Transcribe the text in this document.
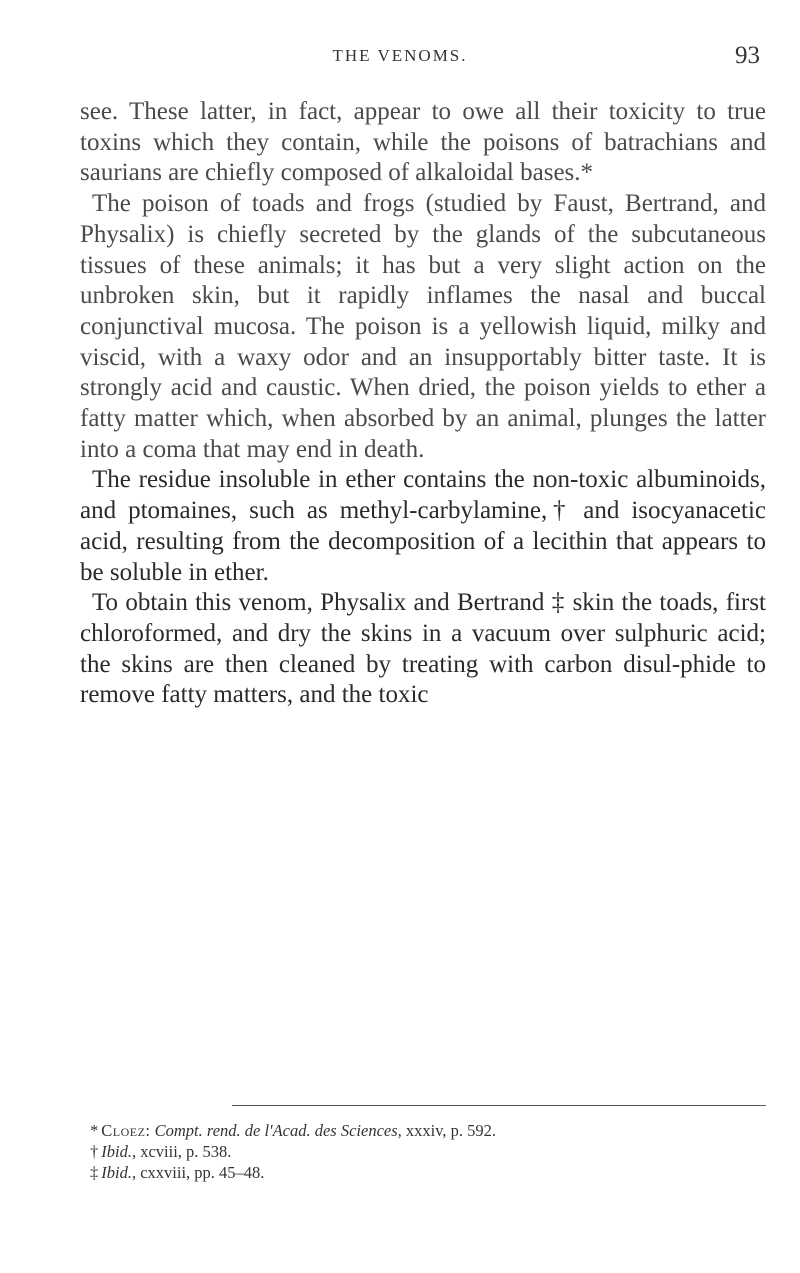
THE VENOMS.	93

see. These latter, in fact, appear to owe all their toxicity to true toxins which they contain, while the poisons of batrachians and saurians are chiefly composed of alkaloidal bases.*

The poison of toads and frogs (studied by Faust, Bertrand, and Physalix) is chiefly secreted by the glands of the subcutaneous tissues of these animals; it has but a very slight action on the unbroken skin, but it rapidly inflames the nasal and buccal conjunctival mucosa. The poison is a yellowish liquid, milky and viscid, with a waxy odor and an insupportably bitter taste. It is strongly acid and caustic. When dried, the poison yields to ether a fatty matter which, when absorbed by an animal, plunges the latter into a coma that may end in death.

The residue insoluble in ether contains the non-toxic albuminoids, and ptomaines, such as methyl-carbylamine,† and isocyanacetic acid, resulting from the decomposition of a lecithin that appears to be soluble in ether.

To obtain this venom, Physalix and Bertrand ‡ skin the toads, first chloroformed, and dry the skins in a vacuum over sulphuric acid; the skins are then cleaned by treating with carbon disul-phide to remove fatty matters, and the toxic

* Cloez: Compt. rend. de l'Acad. des Sciences, xxxiv, p. 592.

† Ibid., xcviii, p. 538.

‡ Ibid., cxxviii, pp. 45–48.
